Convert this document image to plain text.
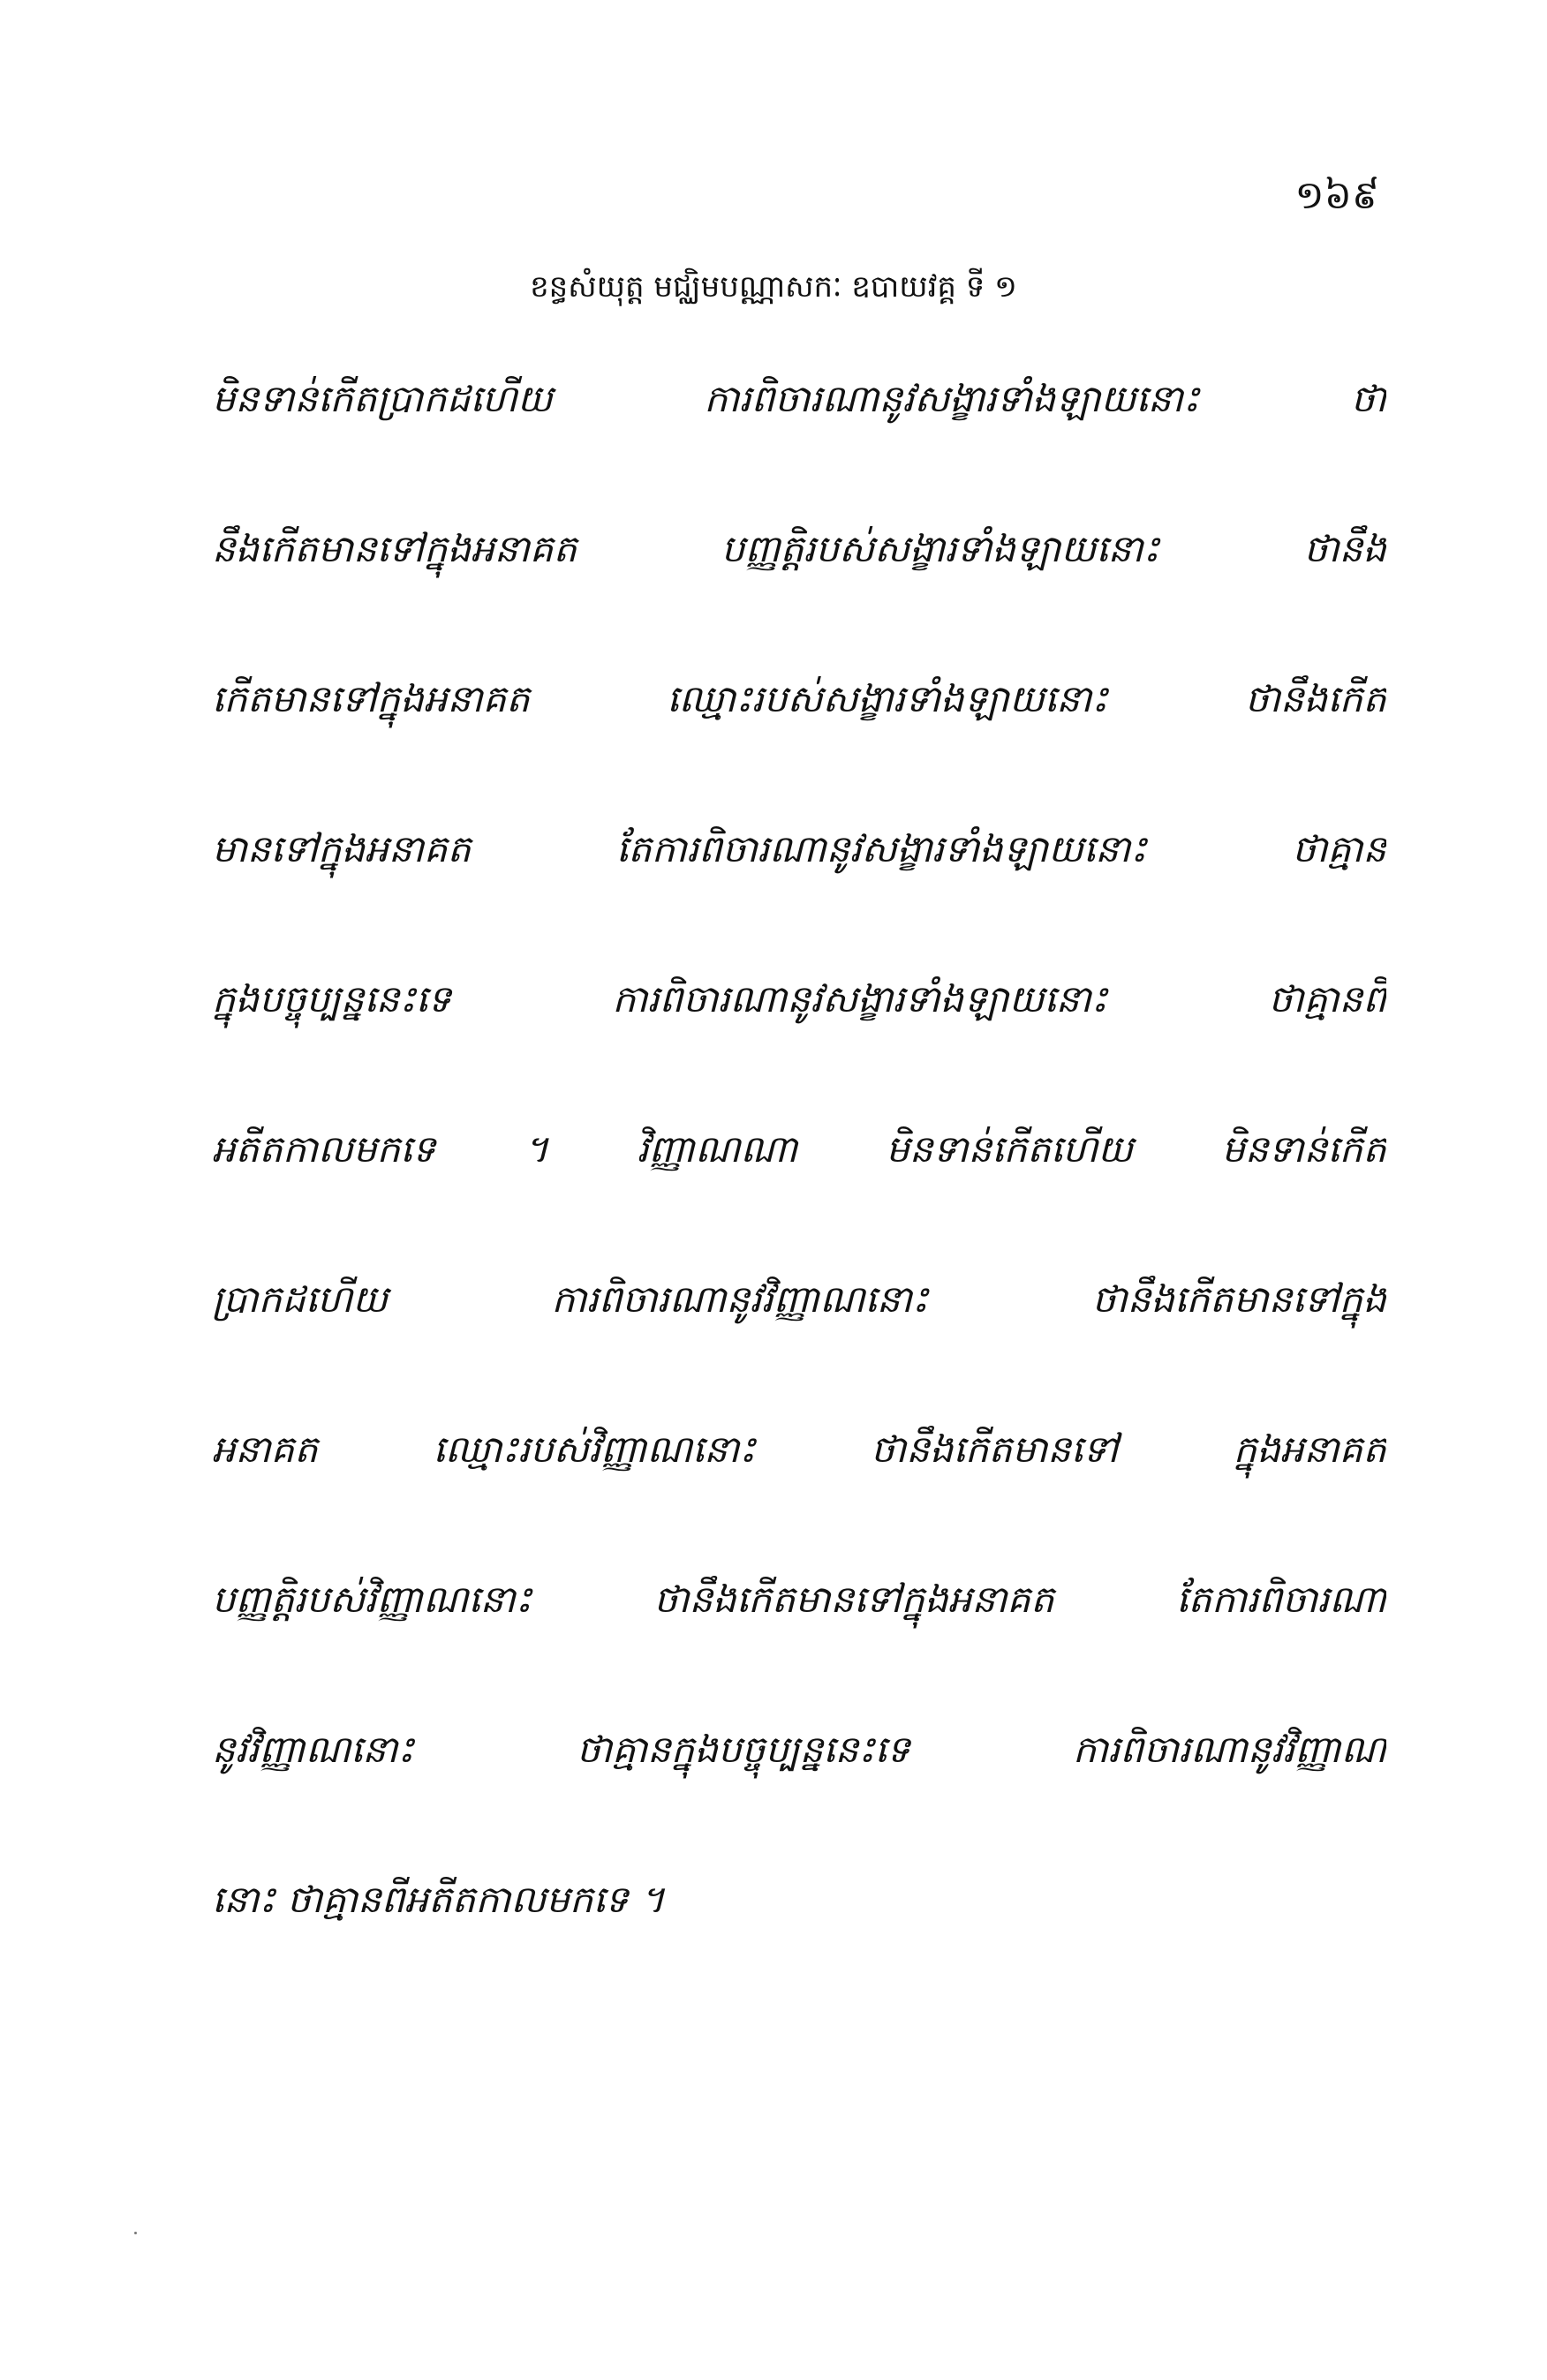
១៦៩
ខន្ធសំយុត្ត មជ្ឈិមបណ្ណាសកៈ ឧបាយវគ្គ ទី ១
មិនទាន់កើតប្រាកដហើយ ការពិចារណានូវសង្ខារទាំងឡាយនោះ ថា
នឹងកើតមានទៅក្នុងអនាគត បញ្ញត្តិរបស់សង្ខារទាំងឡាយនោះ ថានឹង
កើតមានទៅក្នុងអនាគត ឈ្មោះរបស់សង្ខារទាំងឡាយនោះ ថានឹងកើត
មានទៅក្នុងអនាគត តែការពិចារណានូវសង្ខារទាំងឡាយនោះ ថាគ្មាន
ក្នុងបច្ចុប្បន្ននេះទេ ការពិចារណានូវសង្ខារទាំងឡាយនោះ ថាគ្មានពី
អតីតកាលមកទេ ។ វិញ្ញាណណា មិនទាន់កើតហើយ មិនទាន់កើត
ប្រាកដហើយ ការពិចារណានូវវិញ្ញាណនោះ ថានឹងកើតមានទៅក្នុង
អនាគត ឈ្មោះរបស់វិញ្ញាណនោះ ថានឹងកើតមានទៅ ក្នុងអនាគត
បញ្ញត្តិរបស់វិញ្ញាណនោះ ថានឹងកើតមានទៅក្នុងអនាគត តែការពិចារណា
នូវវិញ្ញាណនោះ ថាគ្មានក្នុងបច្ចុប្បន្ននេះទេ ការពិចារណានូវវិញ្ញាណ
នោះ ថាគ្មានពីអតីតកាលមកទេ ។
